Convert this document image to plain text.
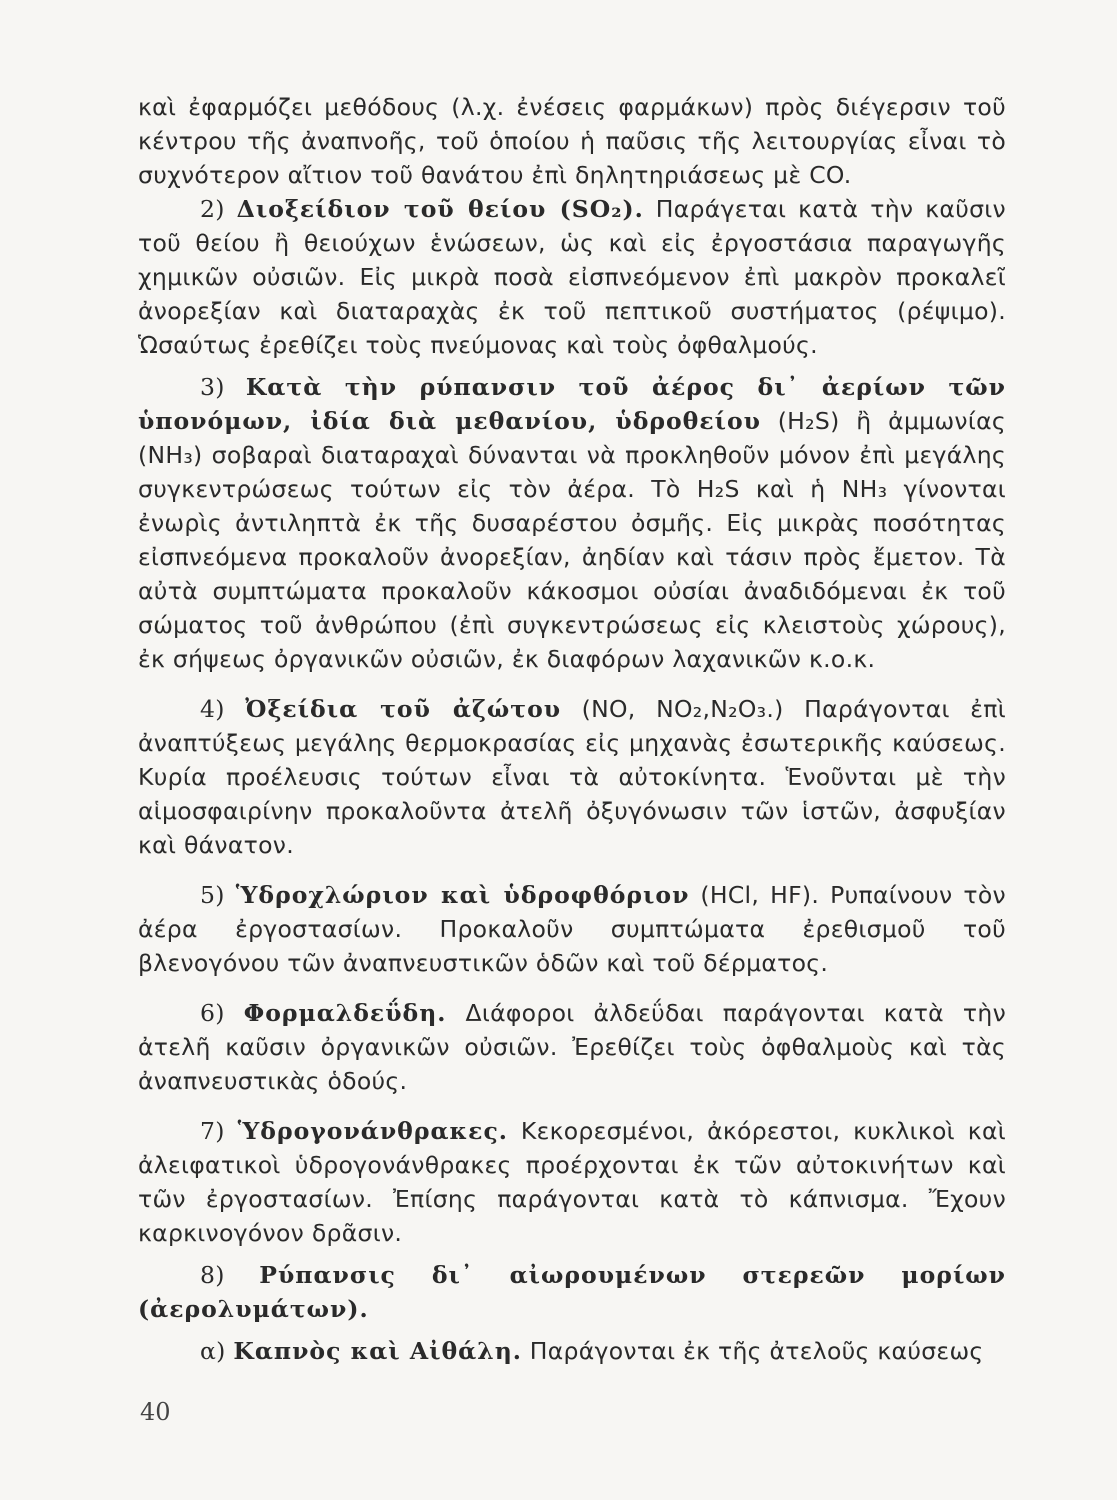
καὶ ἐφαρμόζει μεθόδους (λ.χ. ἐνέσεις φαρμάκων) πρὸς διέγερσιν τοῦ κέντρου τῆς ἀναπνοῆς, τοῦ ὁποίου ἡ παῦσις τῆς λειτουργίας εἶναι τὸ συχνότερον αἴτιον τοῦ θανάτου ἐπὶ δηλητηριάσεως μὲ CO.

2) Διοξείδιον τοῦ θείου (SO₂). Παράγεται κατὰ τὴν καῦσιν τοῦ θείου ἢ θειούχων ἑνώσεων, ὡς καὶ εἰς ἐργοστάσια παραγωγῆς χημικῶν οὐσιῶν. Εἰς μικρὰ ποσὰ εἰσπνεόμενον ἐπὶ μακρὸν προκαλεῖ ἀνορεξίαν καὶ διαταραχὰς ἐκ τοῦ πεπτικοῦ συστήματος (ρέψιμο). Ὡσαύτως ἐρεθίζει τοὺς πνεύμονας καὶ τοὺς ὀφθαλμούς.

3) Κατὰ τὴν ρύπανσιν τοῦ ἀέρος δι᾽ ἀερίων τῶν ὑπονόμων, ἰδία διὰ μεθανίου, ὑδροθείου (H₂S) ἢ ἀμμωνίας (NH₃) σοβαραὶ διαταραχαὶ δύνανται νὰ προκληθοῦν μόνον ἐπὶ μεγάλης συγκεντρώσεως τούτων εἰς τὸν ἀέρα. Τὸ H₂S καὶ ἡ NH₃ γίνονται ἐνωρὶς ἀντιληπτὰ ἐκ τῆς δυσαρέστου ὀσμῆς. Εἰς μικρὰς ποσότητας εἰσπνεόμενα προκαλοῦν ἀνορεξίαν, ἀηδίαν καὶ τάσιν πρὸς ἔμετον. Τὰ αὐτὰ συμπτώματα προκαλοῦν κάκοσμοι οὐσίαι ἀναδιδόμεναι ἐκ τοῦ σώματος τοῦ ἀνθρώπου (ἐπὶ συγκεντρώσεως εἰς κλειστοὺς χώρους), ἐκ σήψεως ὀργανικῶν οὐσιῶν, ἐκ διαφόρων λαχανικῶν κ.ο.κ.

4) Ὀξείδια τοῦ ἀζώτου (NO, NO₂,N₂O₃.) Παράγονται ἐπὶ ἀναπτύξεως μεγάλης θερμοκρασίας εἰς μηχανὰς ἐσωτερικῆς καύσεως. Κυρία προέλευσις τούτων εἶναι τὰ αὐτοκίνητα. Ἑνοῦνται μὲ τὴν αἱμοσφαιρίνην προκαλοῦντα ἀτελῆ ὀξυγόνωσιν τῶν ἱστῶν, ἀσφυξίαν καὶ θάνατον.

5) Ὑδροχλώριον καὶ ὑδροφθόριον (HCl, HF). Ρυπαίνουν τὸν ἀέρα ἐργοστασίων. Προκαλοῦν συμπτώματα ἐρεθισμοῦ τοῦ βλενογόνου τῶν ἀναπνευστικῶν ὁδῶν καὶ τοῦ δέρματος.

6) Φορμαλδεΰδη. Διάφοροι ἀλδεΰδαι παράγονται κατὰ τὴν ἀτελῆ καῦσιν ὀργανικῶν οὐσιῶν. Ἐρεθίζει τοὺς ὀφθαλμοὺς καὶ τὰς ἀναπνευστικὰς ὁδούς.

7) Ὑδρογονάνθρακες. Κεκορεσμένοι, ἀκόρεστοι, κυκλικοὶ καὶ ἀλειφατικοὶ ὑδρογονάνθρακες προέρχονται ἐκ τῶν αὐτοκινήτων καὶ τῶν ἐργοστασίων. Ἐπίσης παράγονται κατὰ τὸ κάπνισμα. Ἔχουν καρκινογόνον δρᾶσιν.

8) Ρύπανσις δι᾽ αἰωρουμένων στερεῶν μορίων (ἀερολυμάτων).

α) Καπνὸς καὶ Αἰθάλη. Παράγονται ἐκ τῆς ἀτελοῦς καύσεως

40
